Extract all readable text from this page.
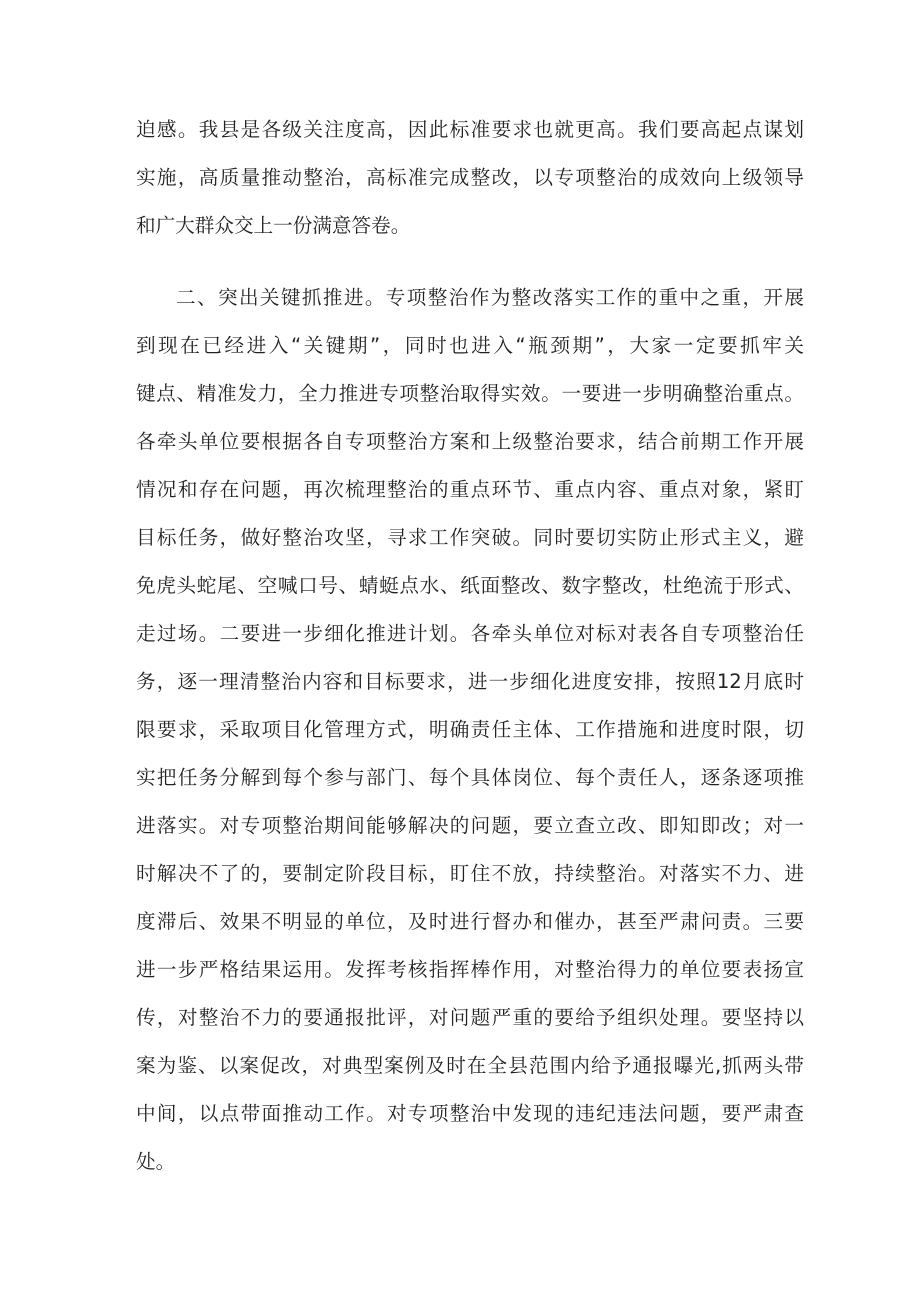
迫感。我县是各级关注度高，因此标准要求也就更高。我们要高起点谋划
实施，高质量推动整治，高标准完成整改，以专项整治的成效向上级领导
和广大群众交上一份满意答卷。
二、突出关键抓推进。专项整治作为整改落实工作的重中之重，开展
到现在已经进入“关键期”，同时也进入“瓶颈期”，大家一定要抓牢关
键点、精准发力，全力推进专项整治取得实效。一要进一步明确整治重点。
各牵头单位要根据各自专项整治方案和上级整治要求，结合前期工作开展
情况和存在问题，再次梳理整治的重点环节、重点内容、重点对象，紧盯
目标任务，做好整治攻坚，寻求工作突破。同时要切实防止形式主义，避
免虎头蛇尾、空喊口号、蜻蜓点水、纸面整改、数字整改，杜绝流于形式、
走过场。二要进一步细化推进计划。各牵头单位对标对表各自专项整治任
务，逐一理清整治内容和目标要求，进一步细化进度安排，按照12月底时
限要求，采取项目化管理方式，明确责任主体、工作措施和进度时限，切
实把任务分解到每个参与部门、每个具体岗位、每个责任人，逐条逐项推
进落实。对专项整治期间能够解决的问题，要立查立改、即知即改；对一
时解决不了的，要制定阶段目标，盯住不放，持续整治。对落实不力、进
度滞后、效果不明显的单位，及时进行督办和催办，甚至严肃问责。三要
进一步严格结果运用。发挥考核指挥棒作用，对整治得力的单位要表扬宣
传，对整治不力的要通报批评，对问题严重的要给予组织处理。要坚持以
案为鉴、以案促改，对典型案例及时在全县范围内给予通报曝光,抓两头带
中间，以点带面推动工作。对专项整治中发现的违纪违法问题，要严肃查
处。
